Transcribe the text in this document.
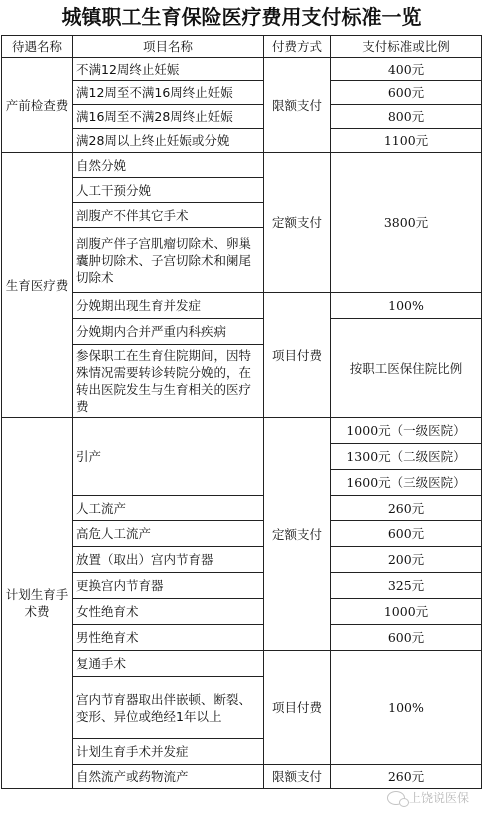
城镇职工生育保险医疗费用支付标准一览
待遇名称	项目名称	付费方式	支付标准或比例
产前检查费	不满12周终止妊娠	限额支付	400元
	满12周至不满16周终止妊娠		600元
	满16周至不满28周终止妊娠		800元
	满28周以上终止妊娠或分娩		1100元
生育医疗费	自然分娩	定额支付	3800元
	人工干预分娩		
	剖腹产不伴其它手术		
	剖腹产伴子宫肌瘤切除术、卵巢囊肿切除术、子宫切除术和阑尾切除术		
	分娩期出现生育并发症	项目付费	100%
	分娩期内合并严重内科疾病		按职工医保住院比例
	参保职工在生育住院期间，因特殊情况需要转诊转院分娩的，在转出医院发生与生育相关的医疗费		
计划生育手术费	引产	定额支付	1000元（一级医院）
			1300元（二级医院）
			1600元（三级医院）
	人工流产		260元
	高危人工流产		600元
	放置（取出）宫内节育器		200元
	更换宫内节育器		325元
	女性绝育术		1000元
	男性绝育术		600元
	复通手术	项目付费	100%
	宫内节育器取出伴嵌顿、断裂、变形、异位或绝经1年以上		
	计划生育手术并发症		
	自然流产或药物流产	限额支付	260元
上饶说医保
